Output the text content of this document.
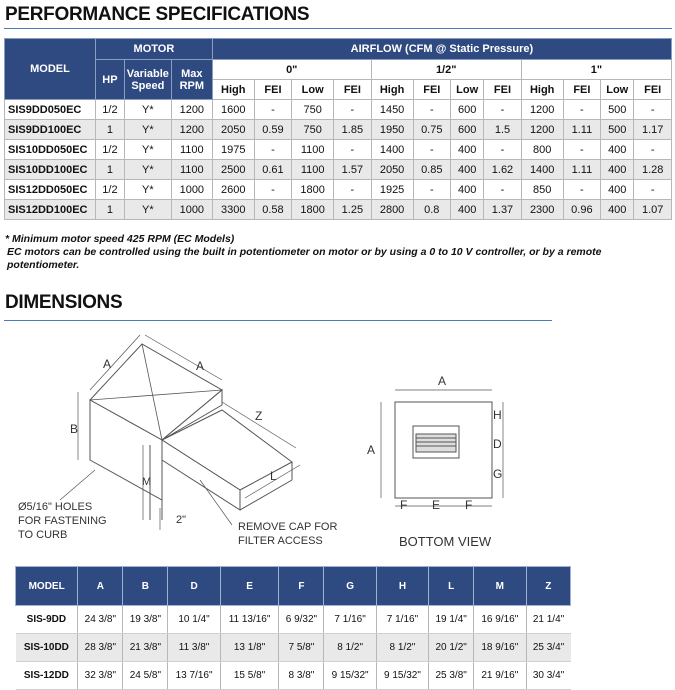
PERFORMANCE SPECIFICATIONS
MODEL	MOTOR			AIRFLOW (CFM @ Static Pressure)											
	HP	Variable Speed	Max RPM	0"				1/2"				1"			
				High	FEI	Low	FEI	High	FEI	Low	FEI	High	FEI	Low	FEI
SIS9DD050EC	1/2	Y*	1200	1600	-	750	-	1450	-	600	-	1200	-	500	-
SIS9DD100EC	1	Y*	1200	2050	0.59	750	1.85	1950	0.75	600	1.5	1200	1.11	500	1.17
SIS10DD050EC	1/2	Y*	1100	1975	-	1100	-	1400	-	400	-	800	-	400	-
SIS10DD100EC	1	Y*	1100	2500	0.61	1100	1.57	2050	0.85	400	1.62	1400	1.11	400	1.28
SIS12DD050EC	1/2	Y*	1000	2600	-	1800	-	1925	-	400	-	850	-	400	-
SIS12DD100EC	1	Y*	1000	3300	0.58	1800	1.25	2800	0.8	400	1.37	2300	0.96	400	1.07
* Minimum motor speed 425 RPM (EC Models)
EC motors can be controlled using the built in potentiometer on motor or by using a 0 to 10 V controller, or by a remote potentiometer.
DIMENSIONS
A	A
B
M
Z
L
2"
Ø5/16" HOLES
FOR FASTENING
TO CURB
REMOVE CAP FOR
FILTER ACCESS
A
A
H
D
G
F E F
BOTTOM VIEW
MODEL	A	B	D	E	F	G	H	L	M	Z
SIS-9DD	24 3/8"	19 3/8"	10 1/4"	11 13/16"	6 9/32"	7 1/16"	7 1/16"	19 1/4"	16 9/16"	21 1/4"
SIS-10DD	28 3/8"	21 3/8"	11 3/8"	13 1/8"	7 5/8"	8 1/2"	8 1/2"	20 1/2"	18 9/16"	25 3/4"
SIS-12DD	32 3/8"	24 5/8"	13 7/16"	15 5/8"	8 3/8"	9 15/32"	9 15/32"	25 3/8"	21 9/16"	30 3/4"
